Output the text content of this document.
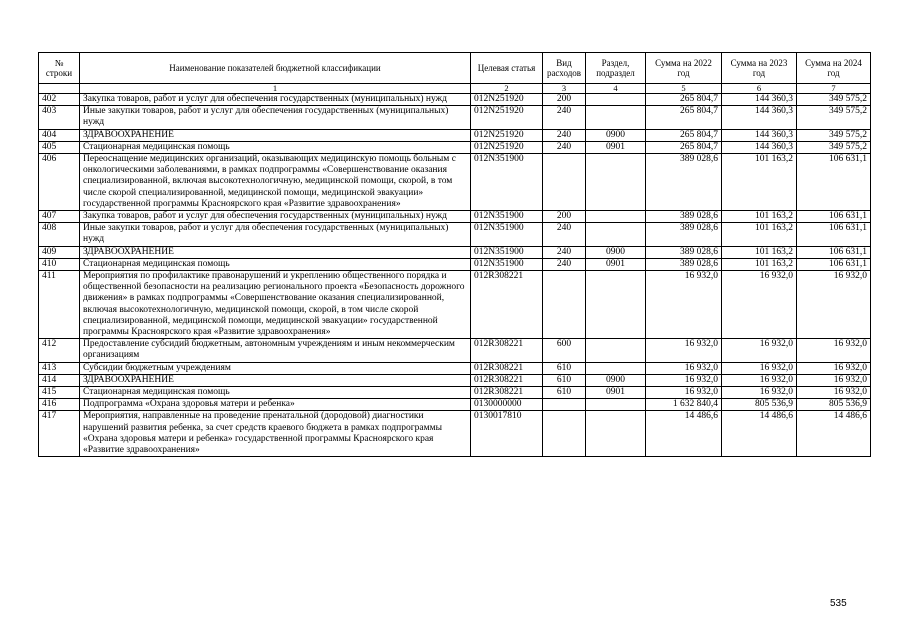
№ строки	Наименование показателей бюджетной классификации	Целевая статья	Вид расходов	Раздел, подраздел	Сумма на 2022 год	Сумма на 2023 год	Сумма на 2024 год
	1	2	3	4	5	6	7
402	Закупка товаров, работ и услуг для обеспечения государственных (муниципальных) нужд	012N251920	200		265 804,7	144 360,3	349 575,2
403	Иные закупки товаров, работ и услуг для обеспечения государственных (муниципальных) нужд	012N251920	240		265 804,7	144 360,3	349 575,2
404	ЗДРАВООХРАНЕНИЕ	012N251920	240	0900	265 804,7	144 360,3	349 575,2
405	Стационарная медицинская помощь	012N251920	240	0901	265 804,7	144 360,3	349 575,2
406	Переоснащение медицинских организаций, оказывающих медицинскую помощь больным с онкологическими заболеваниями, в рамках подпрограммы «Совершенствование оказания специализированной, включая высокотехнологичную, медицинской помощи, скорой, в том числе скорой специализированной, медицинской помощи, медицинской эвакуации» государственной программы Красноярского края «Развитие здравоохранения»	012N351900			389 028,6	101 163,2	106 631,1
407	Закупка товаров, работ и услуг для обеспечения государственных (муниципальных) нужд	012N351900	200		389 028,6	101 163,2	106 631,1
408	Иные закупки товаров, работ и услуг для обеспечения государственных (муниципальных) нужд	012N351900	240		389 028,6	101 163,2	106 631,1
409	ЗДРАВООХРАНЕНИЕ	012N351900	240	0900	389 028,6	101 163,2	106 631,1
410	Стационарная медицинская помощь	012N351900	240	0901	389 028,6	101 163,2	106 631,1
411	Мероприятия по профилактике правонарушений и укреплению общественного порядка и общественной безопасности на реализацию регионального проекта «Безопасность дорожного движения» в рамках подпрограммы «Совершенствование оказания специализированной, включая высокотехнологичную, медицинской помощи, скорой, в том числе скорой специализированной, медицинской помощи, медицинской эвакуации» государственной программы Красноярского края «Развитие здравоохранения»	012R308221			16 932,0	16 932,0	16 932,0
412	Предоставление субсидий бюджетным, автономным учреждениям и иным некоммерческим организациям	012R308221	600		16 932,0	16 932,0	16 932,0
413	Субсидии бюджетным учреждениям	012R308221	610		16 932,0	16 932,0	16 932,0
414	ЗДРАВООХРАНЕНИЕ	012R308221	610	0900	16 932,0	16 932,0	16 932,0
415	Стационарная медицинская помощь	012R308221	610	0901	16 932,0	16 932,0	16 932,0
416	Подпрограмма «Охрана здоровья матери и ребенка»	0130000000			1 632 840,4	805 536,9	805 536,9
417	Мероприятия, направленные на проведение пренатальной (дородовой) диагностики нарушений развития ребенка, за счет средств краевого бюджета в рамках подпрограммы «Охрана здоровья матери и ребенка» государственной программы Красноярского края «Развитие здравоохранения»	0130017810			14 486,6	14 486,6	14 486,6
535
